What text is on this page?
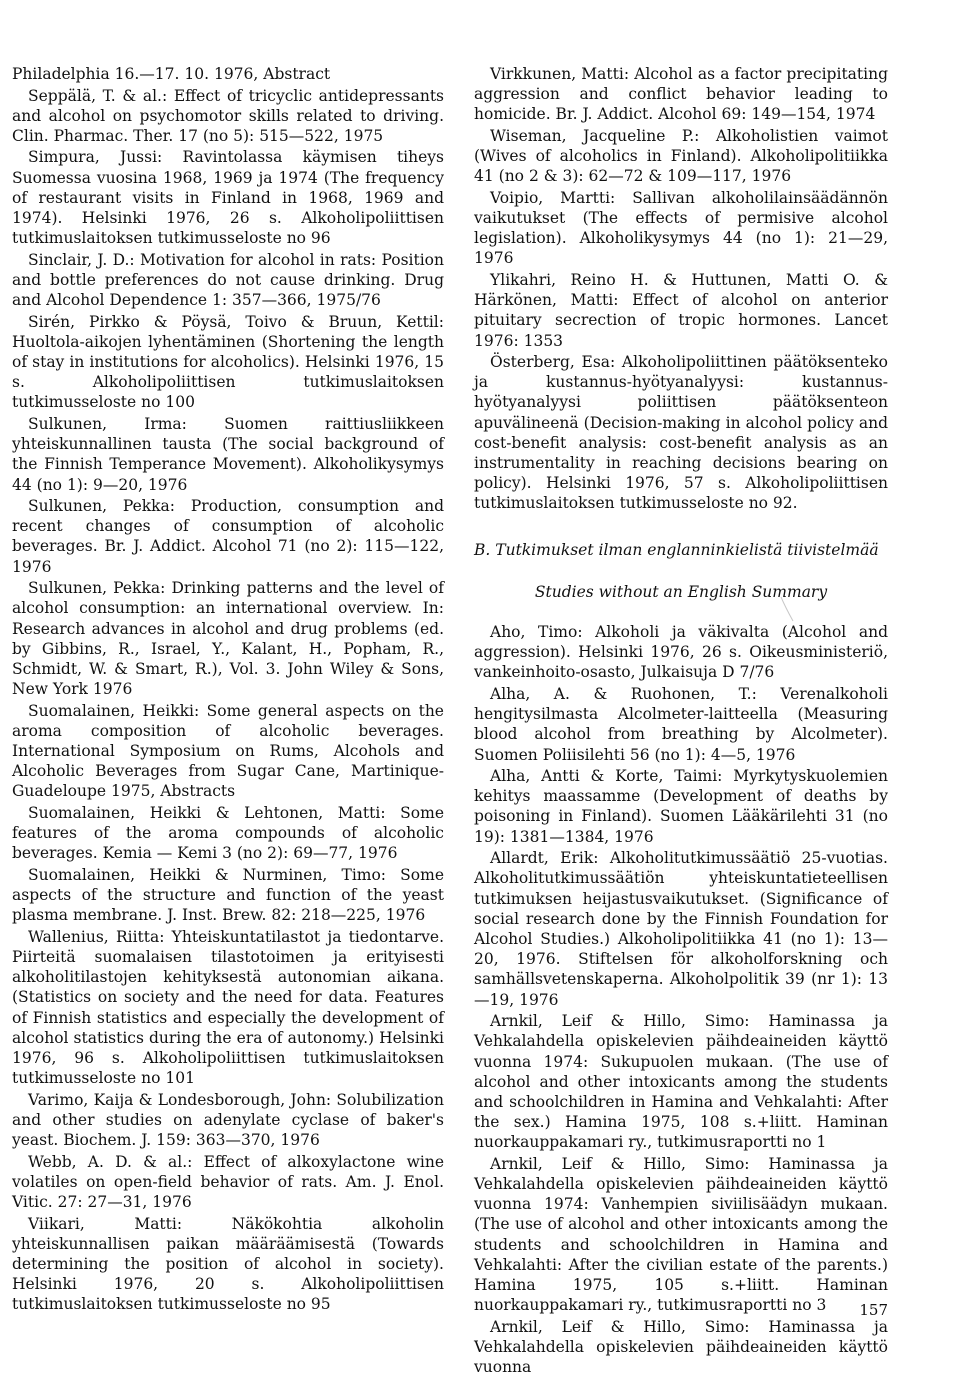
Philadelphia 16.—17. 10. 1976, Abstract

Seppälä, T. & al.: Effect of tricyclic antidepressants and alcohol on psychomotor skills related to driving. Clin. Pharmac. Ther. 17 (no 5): 515—522, 1975

Simpura, Jussi: Ravintolassa käymisen tiheys Suomessa vuosina 1968, 1969 ja 1974 (The frequency of restaurant visits in Finland in 1968, 1969 and 1974). Helsinki 1976, 26 s. Alkoholipoliittisen tutkimuslaitoksen tutkimusseloste no 96

Sinclair, J. D.: Motivation for alcohol in rats: Position and bottle preferences do not cause drinking. Drug and Alcohol Dependence 1: 357—366, 1975/76

Sirén, Pirkko & Pöysä, Toivo & Bruun, Kettil: Huoltola-aikojen lyhentäminen (Shortening the length of stay in institutions for alcoholics). Helsinki 1976, 15 s. Alkoholipoliittisen tutkimuslaitoksen tutkimusseloste no 100

Sulkunen, Irma: Suomen raittiusliikkeen yhteiskunnallinen tausta (The social background of the Finnish Temperance Movement). Alkoholikysymys 44 (no 1): 9—20, 1976

Sulkunen, Pekka: Production, consumption and recent changes of consumption of alcoholic beverages. Br. J. Addict. Alcohol 71 (no 2): 115—122, 1976

Sulkunen, Pekka: Drinking patterns and the level of alcohol consumption: an international overview. In: Research advances in alcohol and drug problems (ed. by Gibbins, R., Israel, Y., Kalant, H., Popham, R., Schmidt, W. & Smart, R.), Vol. 3. John Wiley & Sons, New York 1976

Suomalainen, Heikki: Some general aspects on the aroma composition of alcoholic beverages. International Symposium on Rums, Alcohols and Alcoholic Beverages from Sugar Cane, Martinique-Guadeloupe 1975, Abstracts

Suomalainen, Heikki & Lehtonen, Matti: Some features of the aroma compounds of alcoholic beverages. Kemia — Kemi 3 (no 2): 69—77, 1976

Suomalainen, Heikki & Nurminen, Timo: Some aspects of the structure and function of the yeast plasma membrane. J. Inst. Brew. 82: 218—225, 1976

Wallenius, Riitta: Yhteiskuntatilastot ja tiedontarve. Piirteitä suomalaisen tilastotoimen ja erityisesti alkoholitilastojen kehityksestä autonomian aikana. (Statistics on society and the need for data. Features of Finnish statistics and especially the development of alcohol statistics during the era of autonomy.) Helsinki 1976, 96 s. Alkoholipoliittisen tutkimuslaitoksen tutkimusseloste no 101

Varimo, Kaija & Londesborough, John: Solubilization and other studies on adenylate cyclase of baker's yeast. Biochem. J. 159: 363—370, 1976

Webb, A. D. & al.: Effect of alkoxylactone wine volatiles on open-field behavior of rats. Am. J. Enol. Vitic. 27: 27—31, 1976

Viikari, Matti: Näkökohtia alkoholin yhteiskunnallisen paikan määräämisestä (Towards determining the position of alcohol in society). Helsinki 1976, 20 s. Alkoholipoliittisen tutkimuslaitoksen tutkimusseloste no 95

Virkkunen, Matti: Alcohol as a factor precipitating aggression and conflict behavior leading to homicide. Br. J. Addict. Alcohol 69: 149—154, 1974

Wiseman, Jacqueline P.: Alkoholistien vaimot (Wives of alcoholics in Finland). Alkoholipolitiikka 41 (no 2 & 3): 62—72 & 109—117, 1976

Voipio, Martti: Sallivan alkoholilainsäädännön vaikutukset (The effects of permisive alcohol legislation). Alkoholikysymys 44 (no 1): 21—29, 1976

Ylikahri, Reino H. & Huttunen, Matti O. & Härkönen, Matti: Effect of alcohol on anterior pituitary secrection of tropic hormones. Lancet 1976: 1353

Österberg, Esa: Alkoholipoliittinen päätöksenteko ja kustannus-hyötyanalyysi: kustannus-hyötyanalyysi poliittisen päätöksenteon apuvälineenä (Decision-making in alcohol policy and cost-benefit analysis: cost-benefit analysis as an instrumentality in reaching decisions bearing on policy). Helsinki 1976, 57 s. Alkoholipoliittisen tutkimuslaitoksen tutkimusseloste no 92.

B. Tutkimukset ilman englanninkielistä tiivistelmää

Studies without an English Summary

Aho, Timo: Alkoholi ja väkivalta (Alcohol and aggression). Helsinki 1976, 26 s. Oikeusministeriö, vankeinhoito-osasto, Julkaisuja D 7/76

Alha, A. & Ruohonen, T.: Verenalkoholi hengitysilmasta Alcolmeter-laitteella (Measuring blood alcohol from breathing by Alcolmeter). Suomen Poliisilehti 56 (no 1): 4—5, 1976

Alha, Antti & Korte, Taimi: Myrkytyskuolemien kehitys maassamme (Development of deaths by poisoning in Finland). Suomen Lääkärilehti 31 (no 19): 1381—1384, 1976

Allardt, Erik: Alkoholitutkimussäätiö 25-vuotias. Alkoholitutkimussäätiön yhteiskuntatieteellisen tutkimuksen heijastusvaikutukset. (Significance of social research done by the Finnish Foundation for Alcohol Studies.) Alkoholipolitiikka 41 (no 1): 13—20, 1976. Stiftelsen för alkoholforskning och samhällsvetenskaperna. Alkoholpolitik 39 (nr 1): 13—19, 1976

Arnkil, Leif & Hillo, Simo: Haminassa ja Vehkalahdella opiskelevien päihdeaineiden käyttö vuonna 1974: Sukupuolen mukaan. (The use of alcohol and other intoxicants among the students and schoolchildren in Hamina and Vehkalahti: After the sex.) Hamina 1975, 108 s.+liitt. Haminan nuorkauppakamari ry., tutkimusraportti no 1

Arnkil, Leif & Hillo, Simo: Haminassa ja Vehkalahdella opiskelevien päihdeaineiden käyttö vuonna 1974: Vanhempien siviilisäädyn mukaan. (The use of alcohol and other intoxicants among the students and schoolchildren in Hamina and Vehkalahti: After the civilian estate of the parents.) Hamina 1975, 105 s.+liitt. Haminan nuorkauppakamari ry., tutkimusraportti no 3

Arnkil, Leif & Hillo, Simo: Haminassa ja Vehkalahdella opiskelevien päihdeaineiden käyttö vuonna

157
